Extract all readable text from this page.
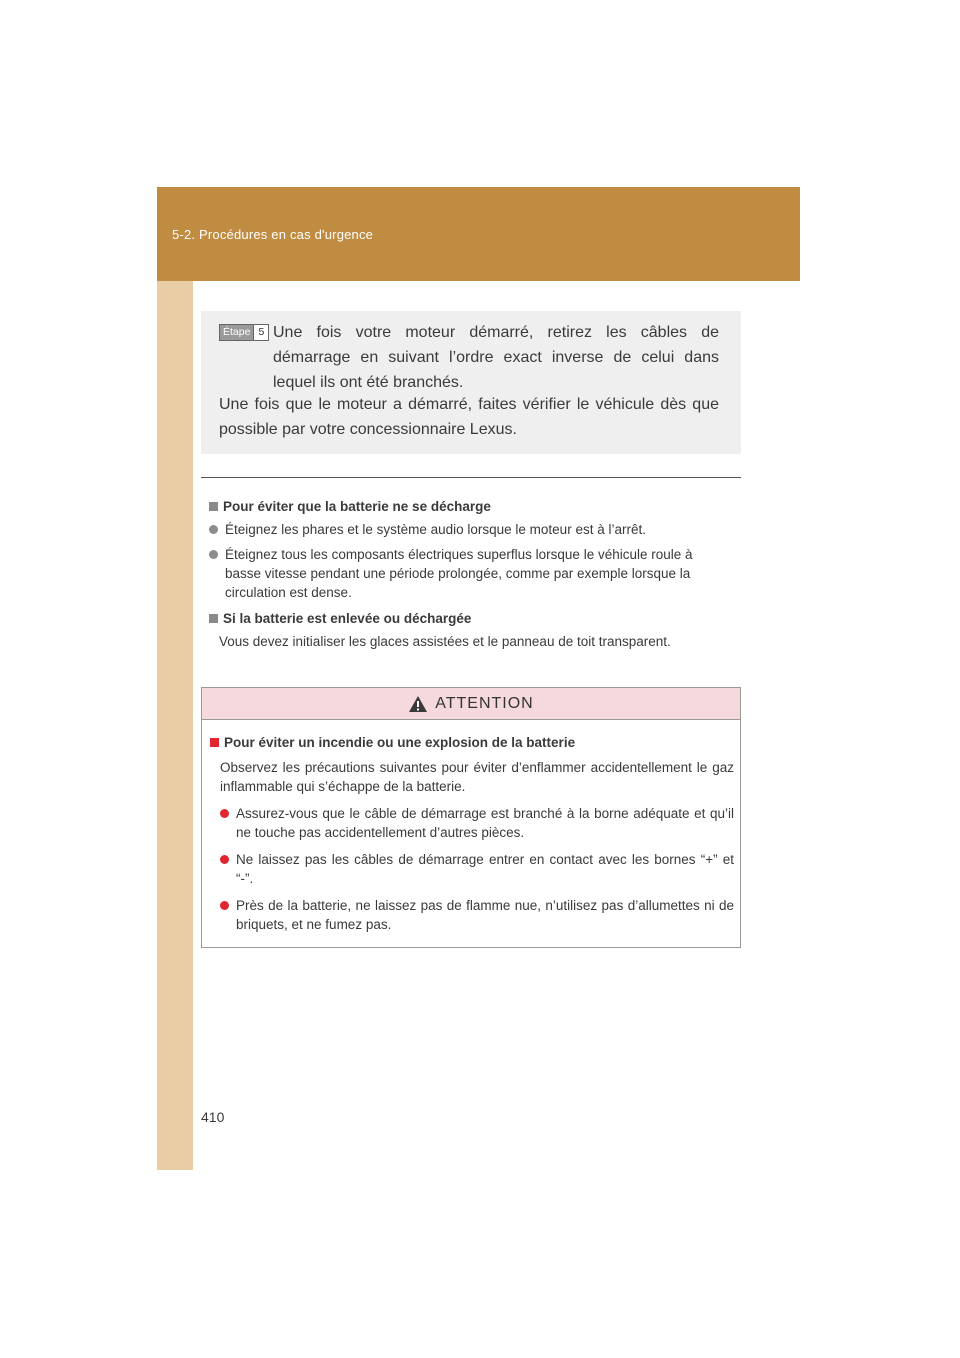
5-2. Procédures en cas d'urgence
Étape 5 Une fois votre moteur démarré, retirez les câbles de démarrage en suivant l’ordre exact inverse de celui dans lequel ils ont été branchés.
Une fois que le moteur a démarré, faites vérifier le véhicule dès que possible par votre concessionnaire Lexus.
Pour éviter que la batterie ne se décharge
Éteignez les phares et le système audio lorsque le moteur est à l’arrêt.
Éteignez tous les composants électriques superflus lorsque le véhicule roule à basse vitesse pendant une période prolongée, comme par exemple lorsque la circulation est dense.
Si la batterie est enlevée ou déchargée
Vous devez initialiser les glaces assistées et le panneau de toit transparent.
ATTENTION
Pour éviter un incendie ou une explosion de la batterie
Observez les précautions suivantes pour éviter d’enflammer accidentellement le gaz inflammable qui s’échappe de la batterie.
Assurez-vous que le câble de démarrage est branché à la borne adéquate et qu’il ne touche pas accidentellement d’autres pièces.
Ne laissez pas les câbles de démarrage entrer en contact avec les bornes “+” et “-”.
Près de la batterie, ne laissez pas de flamme nue, n’utilisez pas d’allumettes ni de briquets, et ne fumez pas.
410
